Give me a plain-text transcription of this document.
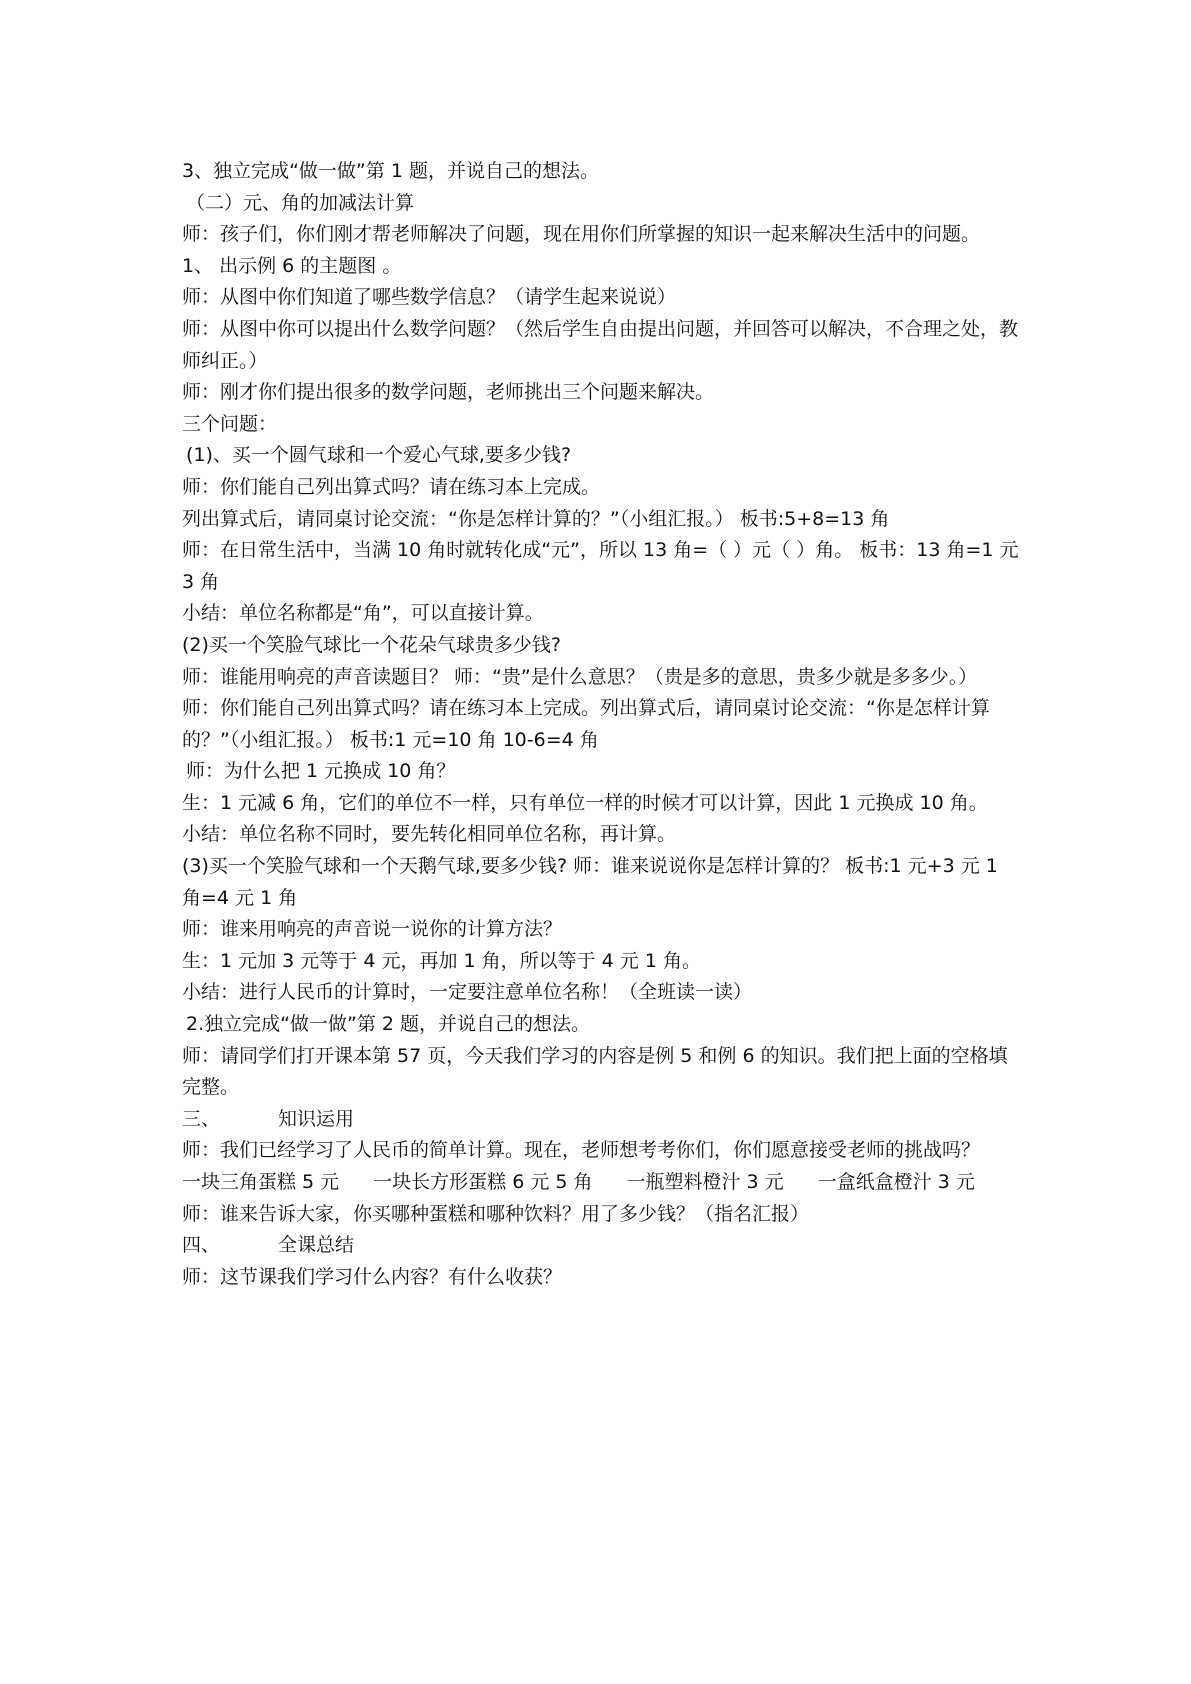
3、独立完成“做一做”第 1 题，并说自己的想法。

（二）元、角的加减法计算

师：孩子们，你们刚才帮老师解决了问题，现在用你们所掌握的知识一起来解决生活中的问题。

1、 出示例 6 的主题图 。

师：从图中你们知道了哪些数学信息？（请学生起来说说）

师：从图中你可以提出什么数学问题？（然后学生自由提出问题，并回答可以解决，不合理之处，教师纠正。）

师：刚才你们提出很多的数学问题，老师挑出三个问题来解决。

三个问题：

(1)、买一个圆气球和一个爱心气球,要多少钱?

师：你们能自己列出算式吗？请在练习本上完成。

列出算式后，请同桌讨论交流：“你是怎样计算的？”（小组汇报。） 板书:5+8=13 角

师：在日常生活中，当满 10 角时就转化成“元”，所以 13 角=（ ）元（ ）角。 板书：13 角=1 元 3 角

小结：单位名称都是“角”，可以直接计算。

(2)买一个笑脸气球比一个花朵气球贵多少钱?

师：谁能用响亮的声音读题目？ 师：“贵”是什么意思？（贵是多的意思，贵多少就是多多少。）

师：你们能自己列出算式吗？请在练习本上完成。列出算式后，请同桌讨论交流：“你是怎样计算的？”（小组汇报。） 板书:1 元=10 角 10-6=4 角

师：为什么把 1 元换成 10 角？

生：1 元减 6 角，它们的单位不一样，只有单位一样的时候才可以计算，因此 1 元换成 10 角。

小结：单位名称不同时，要先转化相同单位名称，再计算。

(3)买一个笑脸气球和一个天鹅气球,要多少钱? 师：谁来说说你是怎样计算的？ 板书:1 元+3 元 1 角=4 元 1 角

师：谁来用响亮的声音说一说你的计算方法？

生：1 元加 3 元等于 4 元，再加 1 角，所以等于 4 元 1 角。

小结：进行人民币的计算时，一定要注意单位名称！（全班读一读）

2.独立完成“做一做”第 2 题，并说自己的想法。

师：请同学们打开课本第 57 页，今天我们学习的内容是例 5 和例 6 的知识。我们把上面的空格填完整。

三、	知识运用

师：我们已经学习了人民币的简单计算。现在，老师想考考你们，你们愿意接受老师的挑战吗？

一块三角蛋糕 5 元 一块长方形蛋糕 6 元 5 角 一瓶塑料橙汁 3 元 一盒纸盒橙汁 3 元

师：谁来告诉大家，你买哪种蛋糕和哪种饮料？用了多少钱？（指名汇报）

四、	全课总结

师：这节课我们学习什么内容？有什么收获？
